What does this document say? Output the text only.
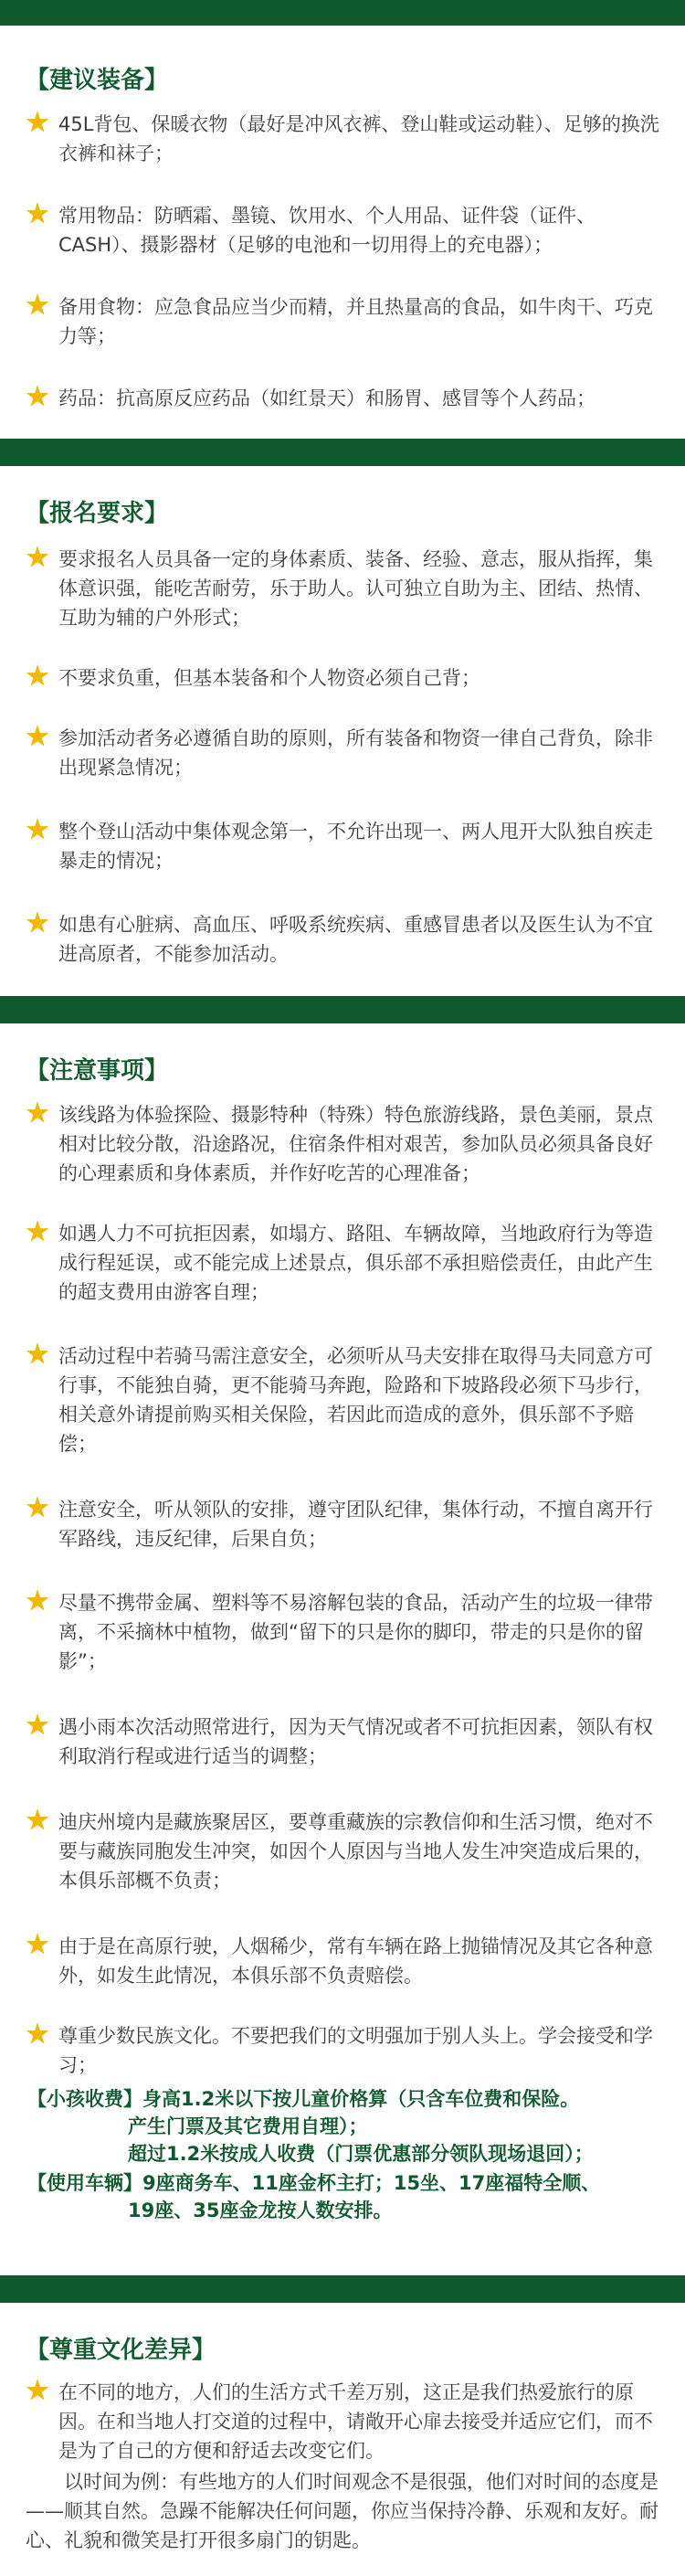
【建议装备】
45L背包、保暖衣物（最好是冲风衣裤、登山鞋或运动鞋）、足够的换洗衣裤和袜子；
常用物品：防晒霜、墨镜、饮用水、个人用品、证件袋（证件、CASH）、摄影器材（足够的电池和一切用得上的充电器）；
备用食物：应急食品应当少而精，并且热量高的食品，如牛肉干、巧克力等；
药品：抗高原反应药品（如红景天）和肠胃、感冒等个人药品；
【报名要求】
要求报名人员具备一定的身体素质、装备、经验、意志，服从指挥，集体意识强，能吃苦耐劳，乐于助人。认可独立自助为主、团结、热情、互助为辅的户外形式；
不要求负重，但基本装备和个人物资必须自己背；
参加活动者务必遵循自助的原则，所有装备和物资一律自己背负，除非出现紧急情况；
整个登山活动中集体观念第一，不允许出现一、两人甩开大队独自疾走暴走的情况；
如患有心脏病、高血压、呼吸系统疾病、重感冒患者以及医生认为不宜进高原者，不能参加活动。
【注意事项】
该线路为体验探险、摄影特种（特殊）特色旅游线路，景色美丽，景点相对比较分散，沿途路况，住宿条件相对艰苦，参加队员必须具备良好的心理素质和身体素质，并作好吃苦的心理准备；
如遇人力不可抗拒因素，如塌方、路阻、车辆故障，当地政府行为等造成行程延误，或不能完成上述景点，俱乐部不承担赔偿责任，由此产生的超支费用由游客自理；
活动过程中若骑马需注意安全，必须听从马夫安排在取得马夫同意方可行事，不能独自骑，更不能骑马奔跑，险路和下坡路段必须下马步行，相关意外请提前购买相关保险，若因此而造成的意外，俱乐部不予赔偿；
注意安全，听从领队的安排，遵守团队纪律，集体行动，不擅自离开行军路线，违反纪律，后果自负；
尽量不携带金属、塑料等不易溶解包装的食品，活动产生的垃圾一律带离，不采摘林中植物，做到“留下的只是你的脚印，带走的只是你的留影”；
遇小雨本次活动照常进行，因为天气情况或者不可抗拒因素，领队有权利取消行程或进行适当的调整；
迪庆州境内是藏族聚居区，要尊重藏族的宗教信仰和生活习惯，绝对不要与藏族同胞发生冲突，如因个人原因与当地人发生冲突造成后果的，本俱乐部概不负责；
由于是在高原行驶，人烟稀少，常有车辆在路上抛锚情况及其它各种意外，如发生此情况，本俱乐部不负责赔偿。
尊重少数民族文化。不要把我们的文明强加于别人头上。学会接受和学习；
【小孩收费】身高1.2米以下按儿童价格算（只含车位费和保险。
产生门票及其它费用自理）；
超过1.2米按成人收费（门票优惠部分领队现场退回）；
【使用车辆】9座商务车、11座金杯主打；15坐、17座福特全顺、
19座、35座金龙按人数安排。
【尊重文化差异】
在不同的地方，人们的生活方式千差万别，这正是我们热爱旅行的原因。在和当地人打交道的过程中，请敞开心扉去接受并适应它们，而不是为了自己的方便和舒适去改变它们。
以时间为例：有些地方的人们时间观念不是很强，他们对时间的态度是——顺其自然。急躁不能解决任何问题，你应当保持冷静、乐观和友好。耐心、礼貌和微笑是打开很多扇门的钥匙。
